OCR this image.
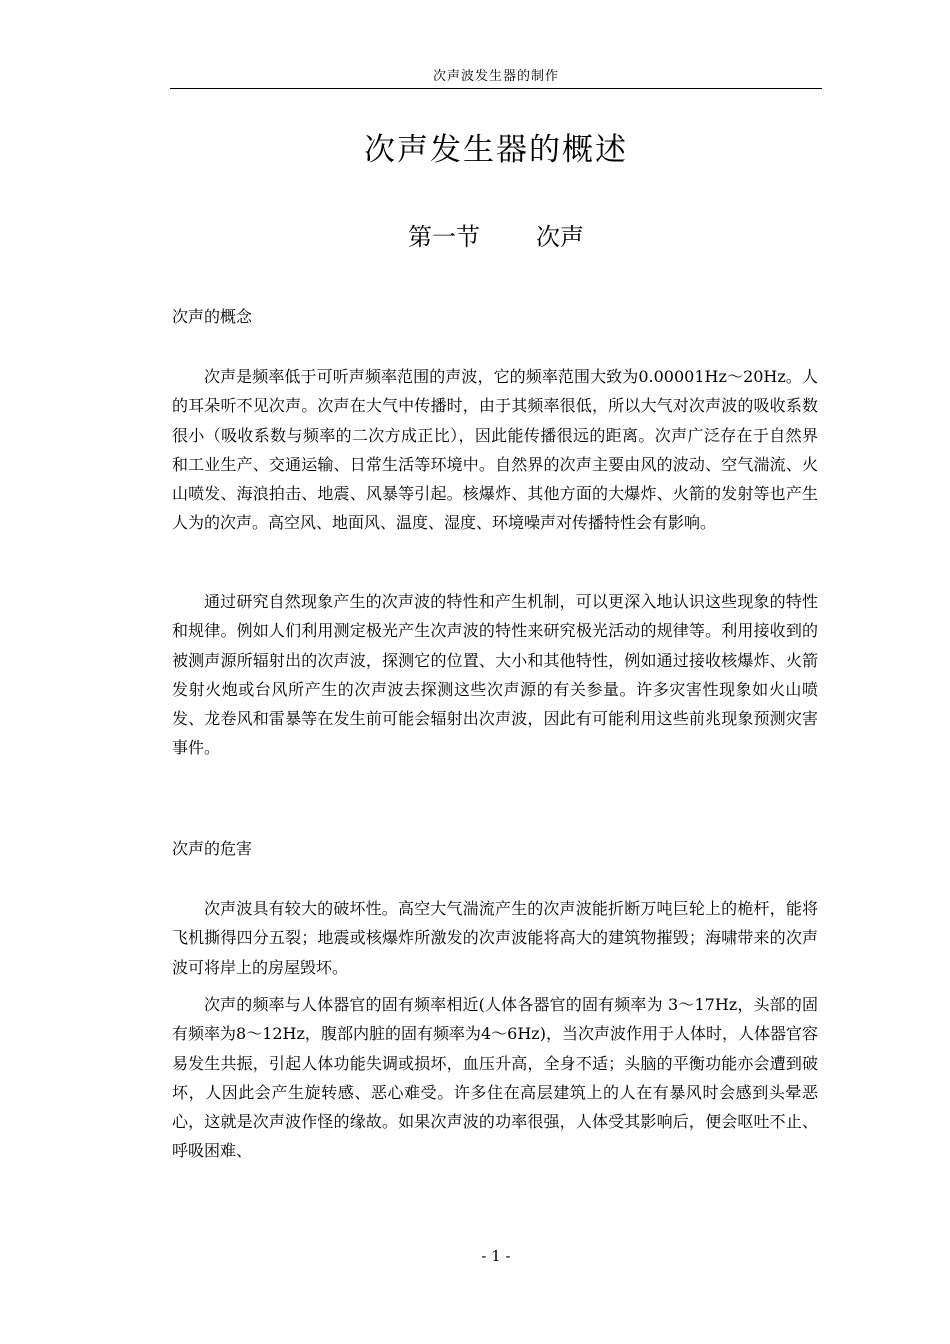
次声波发生器的制作
次声发生器的概述
第一节 次声
次声的概念

次声是频率低于可听声频率范围的声波，它的频率范围大致为0.00001Hz～20Hz。人的耳朵听不见次声。次声在大气中传播时，由于其频率很低，所以大气对次声波的吸收系数很小（吸收系数与频率的二次方成正比），因此能传播很远的距离。次声广泛存在于自然界和工业生产、交通运输、日常生活等环境中。自然界的次声主要由风的波动、空气湍流、火山喷发、海浪拍击、地震、风暴等引起。核爆炸、其他方面的大爆炸、火箭的发射等也产生人为的次声。高空风、地面风、温度、湿度、环境噪声对传播特性会有影响。

通过研究自然现象产生的次声波的特性和产生机制，可以更深入地认识这些现象的特性和规律。例如人们利用测定极光产生次声波的特性来研究极光活动的规律等。利用接收到的被测声源所辐射出的次声波，探测它的位置、大小和其他特性，例如通过接收核爆炸、火箭发射火炮或台风所产生的次声波去探测这些次声源的有关参量。许多灾害性现象如火山喷发、龙卷风和雷暴等在发生前可能会辐射出次声波，因此有可能利用这些前兆现象预测灾害事件。

次声的危害

次声波具有较大的破坏性。高空大气湍流产生的次声波能折断万吨巨轮上的桅杆，能将飞机撕得四分五裂；地震或核爆炸所激发的次声波能将高大的建筑物摧毁；海啸带来的次声波可将岸上的房屋毁坏。

次声的频率与人体器官的固有频率相近(人体各器官的固有频率为 3～17Hz，头部的固有频率为8～12Hz，腹部内脏的固有频率为4～6Hz)，当次声波作用于人体时，人体器官容易发生共振，引起人体功能失调或损坏，血压升高，全身不适；头脑的平衡功能亦会遭到破坏，人因此会产生旋转感、恶心难受。许多住在高层建筑上的人在有暴风时会感到头晕恶心，这就是次声波作怪的缘故。如果次声波的功率很强，人体受其影响后，便会呕吐不止、呼吸困难、

- 1 -
